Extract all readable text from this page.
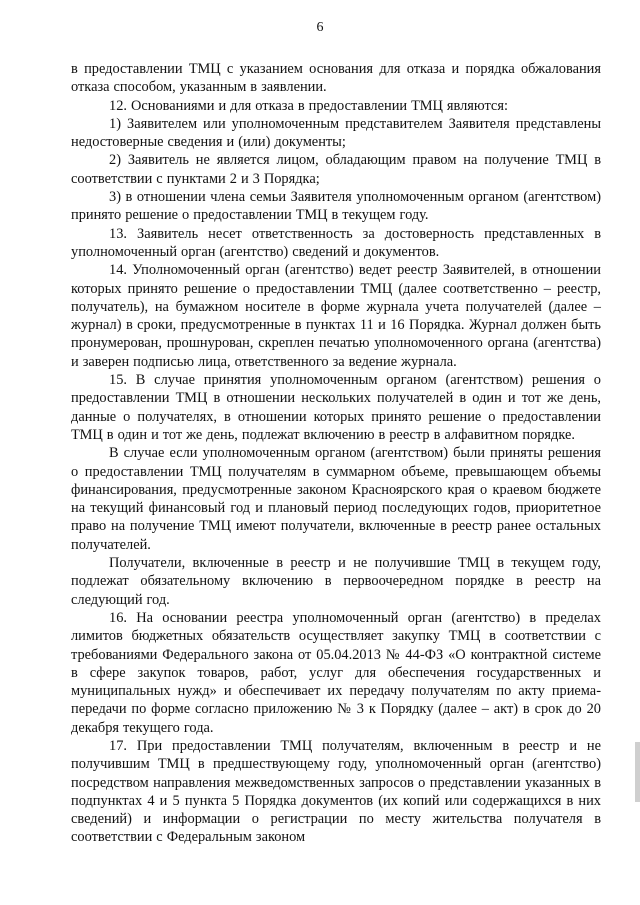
6

в предоставлении ТМЦ с указанием основания для отказа и порядка обжалования отказа способом, указанным в заявлении.

12. Основаниями и для отказа в предоставлении ТМЦ являются:

1) Заявителем или уполномоченным представителем Заявителя представлены недостоверные сведения и (или) документы;

2) Заявитель не является лицом, обладающим правом на получение ТМЦ в соответствии с пунктами 2 и 3 Порядка;

3) в отношении члена семьи Заявителя уполномоченным органом (агентством) принято решение о предоставлении ТМЦ в текущем году.

13. Заявитель несет ответственность за достоверность представленных в уполномоченный орган (агентство) сведений и документов.

14. Уполномоченный орган (агентство) ведет реестр Заявителей, в отношении которых принято решение о предоставлении ТМЦ (далее соответственно – реестр, получатель), на бумажном носителе в форме журнала учета получателей (далее – журнал) в сроки, предусмотренные в пунктах 11 и 16 Порядка. Журнал должен быть пронумерован, прошнурован, скреплен печатью уполномоченного органа (агентства) и заверен подписью лица, ответственного за ведение журнала.

15. В случае принятия уполномоченным органом (агентством) решения о предоставлении ТМЦ в отношении нескольких получателей в один и тот же день, данные о получателях, в отношении которых принято решение о предоставлении ТМЦ в один и тот же день, подлежат включению в реестр в алфавитном порядке.

В случае если уполномоченным органом (агентством) были приняты решения о предоставлении ТМЦ получателям в суммарном объеме, превышающем объемы финансирования, предусмотренные законом Красноярского края о краевом бюджете на текущий финансовый год и плановый период последующих годов, приоритетное право на получение ТМЦ имеют получатели, включенные в реестр ранее остальных получателей.

Получатели, включенные в реестр и не получившие ТМЦ в текущем году, подлежат обязательному включению в первоочередном порядке в реестр на следующий год.

16. На основании реестра уполномоченный орган (агентство) в пределах лимитов бюджетных обязательств осуществляет закупку ТМЦ в соответствии с требованиями Федерального закона от 05.04.2013 № 44-ФЗ «О контрактной системе в сфере закупок товаров, работ, услуг для обеспечения государственных и муниципальных нужд» и обеспечивает их передачу получателям по акту приема-передачи по форме согласно приложению № 3 к Порядку (далее – акт) в срок до 20 декабря текущего года.

17. При предоставлении ТМЦ получателям, включенным в реестр и не получившим ТМЦ в предшествующему году, уполномоченный орган (агентство) посредством направления межведомственных запросов о представлении указанных в подпунктах 4 и 5 пункта 5 Порядка документов (их копий или содержащихся в них сведений) и информации о регистрации по месту жительства получателя в соответствии с Федеральным законом
